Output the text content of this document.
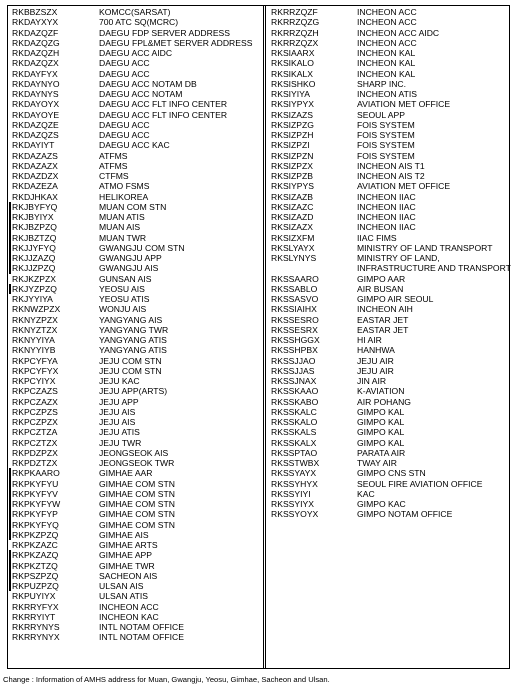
RKBBZSZX	KOMCC(SARSAT)
RKDAYXYX	700 ATC SQ(MCRC)
RKDAZQZF	DAEGU FDP SERVER ADDRESS
RKDAZQZG	DAEGU FPL&MET SERVER ADDRESS
RKDAZQZH	DAEGU ACC AIDC
RKDAZQZX	DAEGU ACC
RKDAYFYX	DAEGU ACC
RKDAYNYO	DAEGU ACC NOTAM DB
RKDAYNYS	DAEGU ACC NOTAM
RKDAYOYX	DAEGU ACC FLT INFO CENTER
RKDAYOYE	DAEGU ACC FLT INFO CENTER
RKDAZQZE	DAEGU ACC
RKDAZQZS	DAEGU ACC
RKDAYIYT	DAEGU ACC KAC
RKDAZAZS	ATFMS
RKDAZAZX	ATFMS
RKDAZDZX	CTFMS
RKDAZEZA	ATMO FSMS
RKDJHKAX	HELIKOREA
RKJBYFYQ	MUAN COM STN
RKJBYIYX	MUAN ATIS
RKJBZPZQ	MUAN AIS
RKJBZTZQ	MUAN TWR
RKJJYFYQ	GWANGJU COM STN
RKJJZAZQ	GWANGJU APP
RKJJZPZQ	GWANGJU AIS
RKJKZPZX	GUNSAN AIS
RKJYZPZQ	YEOSU AIS
RKJYYIYA	YEOSU ATIS
RKNWZPZX	WONJU AIS
RKNYZPZX	YANGYANG AIS
RKNYZTZX	YANGYANG TWR
RKNYYIYA	YANGYANG ATIS
RKNYYIYB	YANGYANG ATIS
RKPCYFYA	JEJU COM STN
RKPCYFYX	JEJU COM STN
RKPCYIYX	JEJU KAC
RKPCZAZS	JEJU APP(ARTS)
RKPCZAZX	JEJU APP
RKPCZPZS	JEJU AIS
RKPCZPZX	JEJU AIS
RKPCZTZA	JEJU ATIS
RKPCZTZX	JEJU TWR
RKPDZPZX	JEONGSEOK AIS
RKPDZTZX	JEONGSEOK TWR
RKPKAARO	GIMHAE AAR
RKPKYFYU	GIMHAE COM STN
RKPKYFYV	GIMHAE COM STN
RKPKYFYW	GIMHAE COM STN
RKPKYFYP	GIMHAE COM STN
RKPKYFYQ	GIMHAE COM STN
RKPKZPZQ	GIMHAE AIS
RKPKZAZC	GIMHAE ARTS
RKPKZAZQ	GIMHAE APP
RKPKZTZQ	GIMHAE TWR
RKPSZPZQ	SACHEON AIS
RKPUZPZQ	ULSAN AIS
RKPUYIYX	ULSAN ATIS
RKRRYFYX	INCHEON ACC
RKRRYIYT	INCHEON KAC
RKRRYNYS	INTL NOTAM OFFICE
RKRRYNYX	INTL NOTAM OFFICE
RKRRZQZF	INCHEON ACC
RKRRZQZG	INCHEON ACC
RKRRZQZH	INCHEON ACC AIDC
RKRRZQZX	INCHEON ACC
RKSIAARX	INCHEON KAL
RKSIKALO	INCHEON KAL
RKSIKALX	INCHEON KAL
RKSISHKO	SHARP INC.
RKSIYIYA	INCHEON ATIS
RKSIYPYX	AVIATION MET OFFICE
RKSIZAZS	SEOUL APP
RKSIZPZG	FOIS SYSTEM
RKSIZPZH	FOIS SYSTEM
RKSIZPZI	FOIS SYSTEM
RKSIZPZN	FOIS SYSTEM
RKSIZPZX	INCHEON AIS T1
RKSIZPZB	INCHEON AIS T2
RKSIYPYS	AVIATION MET OFFICE
RKSIZAZB	INCHEON IIAC
RKSIZAZC	INCHEON IIAC
RKSIZAZD	INCHEON IIAC
RKSIZAZX	INCHEON IIAC
RKSIZXFM	IIAC FIMS
RKSLYAYX	MINISTRY OF LAND TRANSPORT
RKSLYNYS	MINISTRY OF LAND,
INFRASTRUCTURE AND TRANSPORT
RKSSAARO	GIMPO AAR
RKSSABLO	AIR BUSAN
RKSSASVO	GIMPO AIR SEOUL
RKSSIAIHX	INCHEON AIH
RKSSESRO	EASTAR JET
RKSSESRX	EASTAR JET
RKSSHGGX	HI AIR
RKSSHPBX	HANHWA
RKSSJJAO	JEJU AIR
RKSSJJAS	JEJU AIR
RKSSJNAX	JIN AIR
RKSSKAAO	K-AVIATION
RKSSKABO	AIR POHANG
RKSSKALC	GIMPO KAL
RKSSKALO	GIMPO KAL
RKSSKALS	GIMPO KAL
RKSSKALX	GIMPO KAL
RKSSPTAO	PARATA AIR
RKSSTWBX	TWAY AIR
RKSSYAYX	GIMPO CNS STN
RKSSYHYX	SEOUL FIRE AVIATION OFFICE
RKSSYIYI	KAC
RKSSYIYX	GIMPO KAC
RKSSYOYX	GIMPO NOTAM OFFICE
Change : Information of AMHS address for Muan, Gwangju, Yeosu, Gimhae, Sacheon and Ulsan.
